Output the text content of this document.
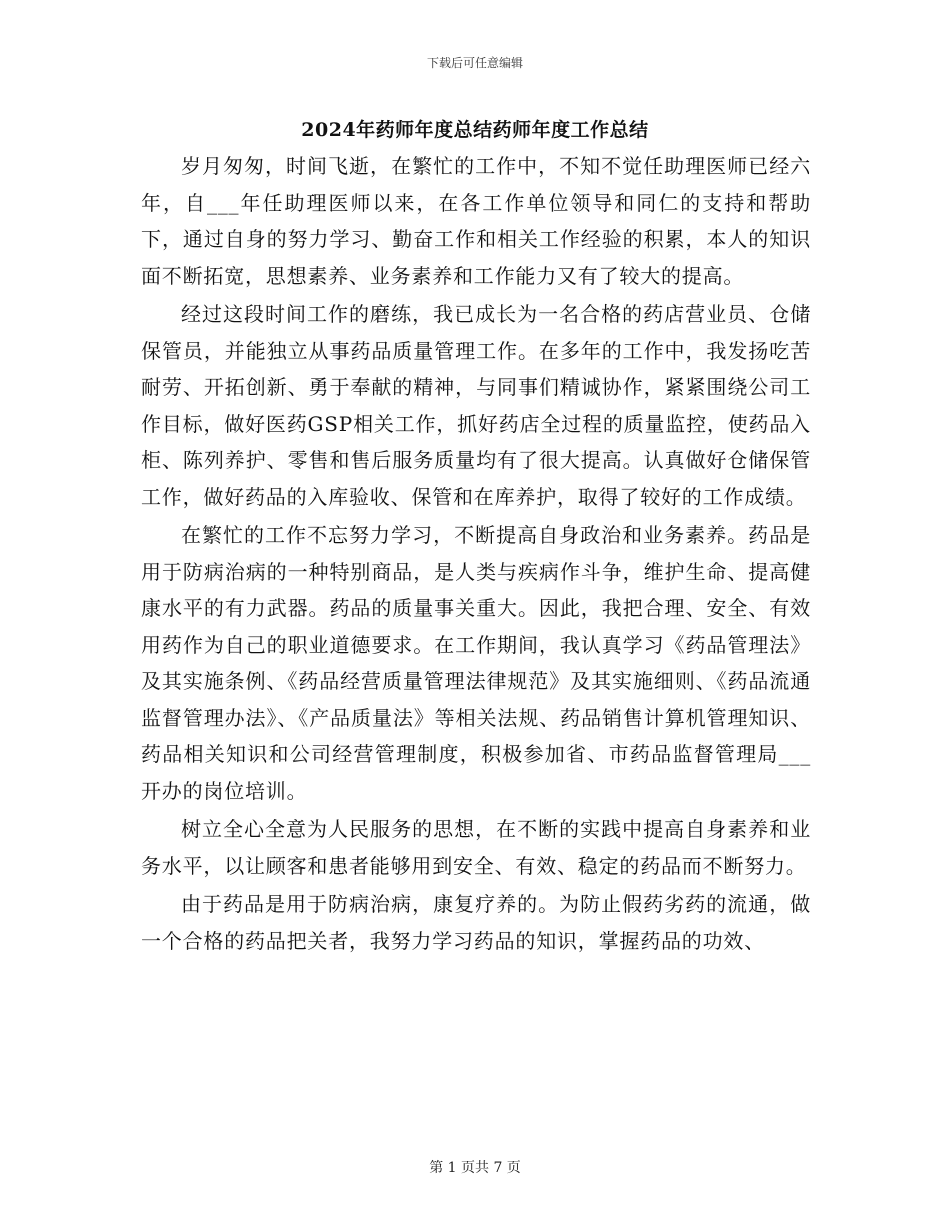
下载后可任意编辑
2024年药师年度总结药师年度工作总结

岁月匆匆，时间飞逝，在繁忙的工作中，不知不觉任助理医师已经六年，自___年任助理医师以来，在各工作单位领导和同仁的支持和帮助下，通过自身的努力学习、勤奋工作和相关工作经验的积累，本人的知识面不断拓宽，思想素养、业务素养和工作能力又有了较大的提高。

经过这段时间工作的磨练，我已成长为一名合格的药店营业员、仓储保管员，并能独立从事药品质量管理工作。在多年的工作中，我发扬吃苦耐劳、开拓创新、勇于奉献的精神，与同事们精诚协作，紧紧围绕公司工作目标，做好医药GSP相关工作，抓好药店全过程的质量监控，使药品入柜、陈列养护、零售和售后服务质量均有了很大提高。认真做好仓储保管工作，做好药品的入库验收、保管和在库养护，取得了较好的工作成绩。

在繁忙的工作不忘努力学习，不断提高自身政治和业务素养。药品是用于防病治病的一种特别商品，是人类与疾病作斗争，维护生命、提高健康水平的有力武器。药品的质量事关重大。因此，我把合理、安全、有效用药作为自己的职业道德要求。在工作期间，我认真学习《药品管理法》及其实施条例、《药品经营质量管理法律规范》及其实施细则、《药品流通监督管理办法》、《产品质量法》等相关法规、药品销售计算机管理知识、药品相关知识和公司经营管理制度，积极参加省、市药品监督管理局___开办的岗位培训。

树立全心全意为人民服务的思想，在不断的实践中提高自身素养和业务水平，以让顾客和患者能够用到安全、有效、稳定的药品而不断努力。

由于药品是用于防病治病，康复疗养的。为防止假药劣药的流通，做一个合格的药品把关者，我努力学习药品的知识，掌握药品的功效、

第 1 页共 7 页
